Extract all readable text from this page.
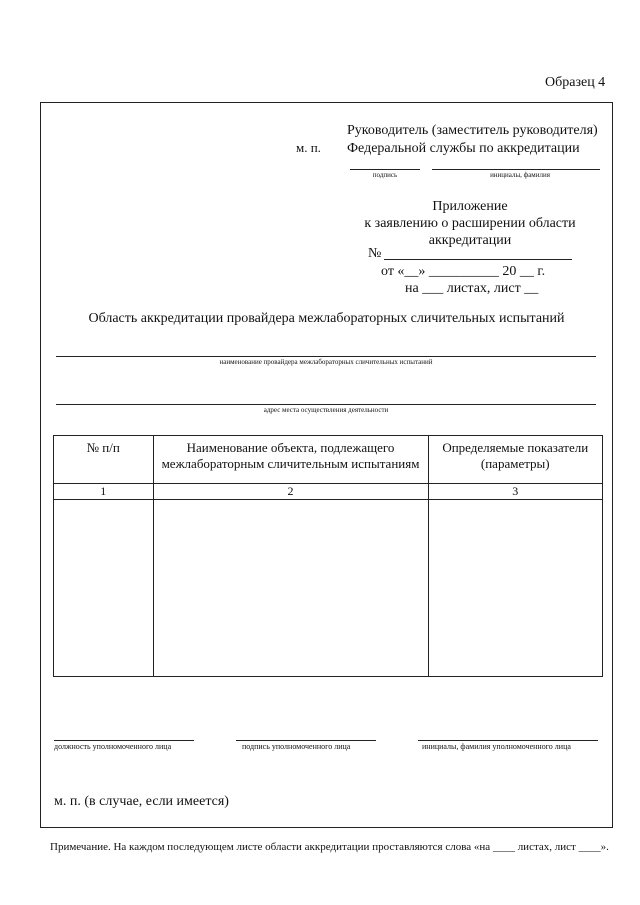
Образец 4
Руководитель (заместитель руководителя)
Федеральной службы по аккредитации
м. п.
подпись	инициалы, фамилия
Приложение
к заявлению о расширении области
аккредитации
№
от «__» __________ 20 __ г.
на ___ листах, лист __
Область аккредитации провайдера межлабораторных сличительных испытаний
наименование провайдера межлабораторных сличительных испытаний
адрес места осуществления деятельности
№ п/п	Наименование объекта, подлежащего межлабораторным сличительным испытаниям	Определяемые показатели (параметры)
1	2	3

должность уполномоченного лица	подпись уполномоченного лица	инициалы, фамилия уполномоченного лица
м. п. (в случае, если имеется)
Примечание. На каждом последующем листе области аккредитации проставляются слова «на ____ листах, лист ____».
